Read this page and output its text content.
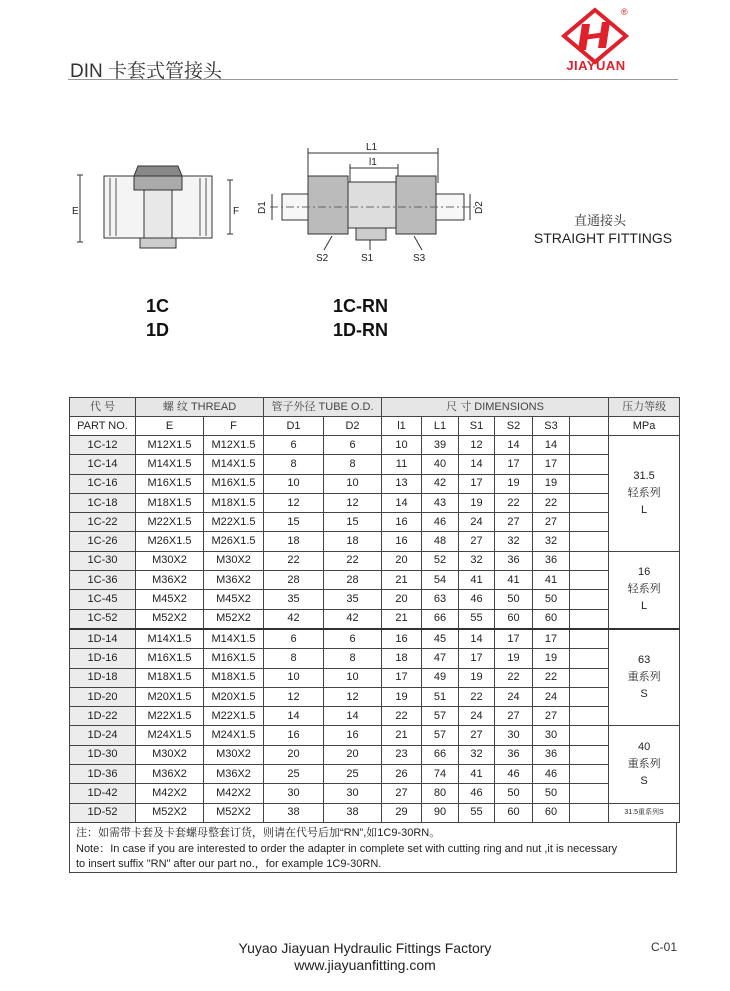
DIN 卡套式管接头
®
JIAYUAN
E	F
L1
l1
D1	D2
S2	S1	S3
直通接头
STRAIGHT FITTINGS
1C
1D
1C-RN
1D-RN
代 号	螺 纹 THREAD		管子外径 TUBE O.D.		尺 寸 DIMENSIONS						压力等级
PART NO.	E	F	D1	D2	l1	L1	S1	S2	S3		MPa
1C-12	M12X1.5	M12X1.5	6	6	10	39	12	14	14		31.5
轻系列
L

1C-14	M14X1.5	M14X1.5	8	8	11	40	14	17	17		
1C-16	M16X1.5	M16X1.5	10	10	13	42	17	19	19		
1C-18	M18X1.5	M18X1.5	12	12	14	43	19	22	22		
1C-22	M22X1.5	M22X1.5	15	15	16	46	24	27	27		
1C-26	M26X1.5	M26X1.5	18	18	16	48	27	32	32		
1C-30	M30X2	M30X2	22	22	20	52	32	36	36		16
轻系列
L

1C-36	M36X2	M36X2	28	28	21	54	41	41	41		
1C-45	M45X2	M45X2	35	35	20	63	46	50	50		
1C-52	M52X2	M52X2	42	42	21	66	55	60	60		
1D-14	M14X1.5	M14X1.5	6	6	16	45	14	17	17		63
重系列
S

1D-16	M16X1.5	M16X1.5	8	8	18	47	17	19	19		
1D-18	M18X1.5	M18X1.5	10	10	17	49	19	22	22		
1D-20	M20X1.5	M20X1.5	12	12	19	51	22	24	24		
1D-22	M22X1.5	M22X1.5	14	14	22	57	24	27	27		
1D-24	M24X1.5	M24X1.5	16	16	21	57	27	30	30		40
重系列
S

1D-30	M30X2	M30X2	20	20	23	66	32	36	36		
1D-36	M36X2	M36X2	25	25	26	74	41	46	46		
1D-42	M42X2	M42X2	30	30	27	80	46	50	50		
1D-52	M52X2	M52X2	38	38	29	90	55	60	60		31.5重系列S
注：如需带卡套及卡套螺母整套订货，则请在代号后加“RN”,如1C9-30RN。
Note：In case if you are interested to order the adapter in complete set with cutting ring and nut ,it is necessary
to insert suffix "RN" after our part no.，for example 1C9-30RN.
Yuyao Jiayuan Hydraulic Fittings Factory
www.jiayuanfitting.com
C-01
